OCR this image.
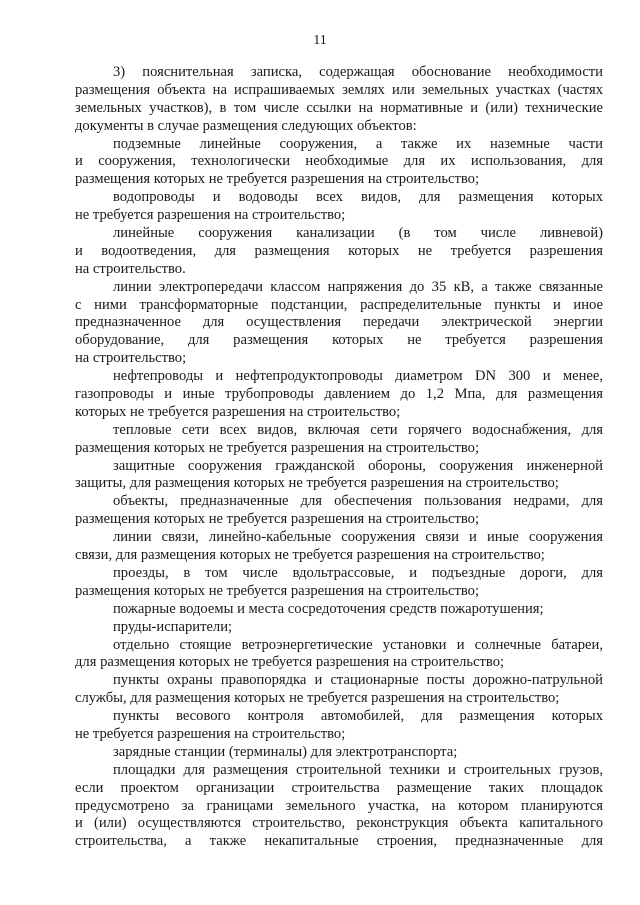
11
3) пояснительная записка, содержащая обоснование необходимости
размещения объекта на испрашиваемых землях или земельных участках (частях
земельных участков), в том числе ссылки на нормативные и (или) технические
документы в случае размещения следующих объектов:
подземные линейные сооружения, а также их наземные части
и сооружения, технологически необходимые для их использования, для
размещения которых не требуется разрешения на строительство;
водопроводы и водоводы всех видов, для размещения которых
не требуется разрешения на строительство;
линейные сооружения канализации (в том числе ливневой)
и водоотведения, для размещения которых не требуется разрешения
на строительство.
линии электропередачи классом напряжения до 35 кВ, а также связанные
с ними трансформаторные подстанции, распределительные пункты и иное
предназначенное для осуществления передачи электрической энергии
оборудование, для размещения которых не требуется разрешения
на строительство;
нефтепроводы и нефтепродуктопроводы диаметром DN 300 и менее,
газопроводы и иные трубопроводы давлением до 1,2 Мпа, для размещения
которых не требуется разрешения на строительство;
тепловые сети всех видов, включая сети горячего водоснабжения, для
размещения которых не требуется разрешения на строительство;
защитные сооружения гражданской обороны, сооружения инженерной
защиты, для размещения которых не требуется разрешения на строительство;
объекты, предназначенные для обеспечения пользования недрами, для
размещения которых не требуется разрешения на строительство;
линии связи, линейно-кабельные сооружения связи и иные сооружения
связи, для размещения которых не требуется разрешения на строительство;
проезды, в том числе вдольтрассовые, и подъездные дороги, для
размещения которых не требуется разрешения на строительство;
пожарные водоемы и места сосредоточения средств пожаротушения;
пруды-испарители;
отдельно стоящие ветроэнергетические установки и солнечные батареи,
для размещения которых не требуется разрешения на строительство;
пункты охраны правопорядка и стационарные посты дорожно-патрульной
службы, для размещения которых не требуется разрешения на строительство;
пункты весового контроля автомобилей, для размещения которых
не требуется разрешения на строительство;
зарядные станции (терминалы) для электротранспорта;
площадки для размещения строительной техники и строительных грузов,
если проектом организации строительства размещение таких площадок
предусмотрено за границами земельного участка, на котором планируются
и (или) осуществляются строительство, реконструкция объекта капитального
строительства, а также некапитальные строения, предназначенные для
